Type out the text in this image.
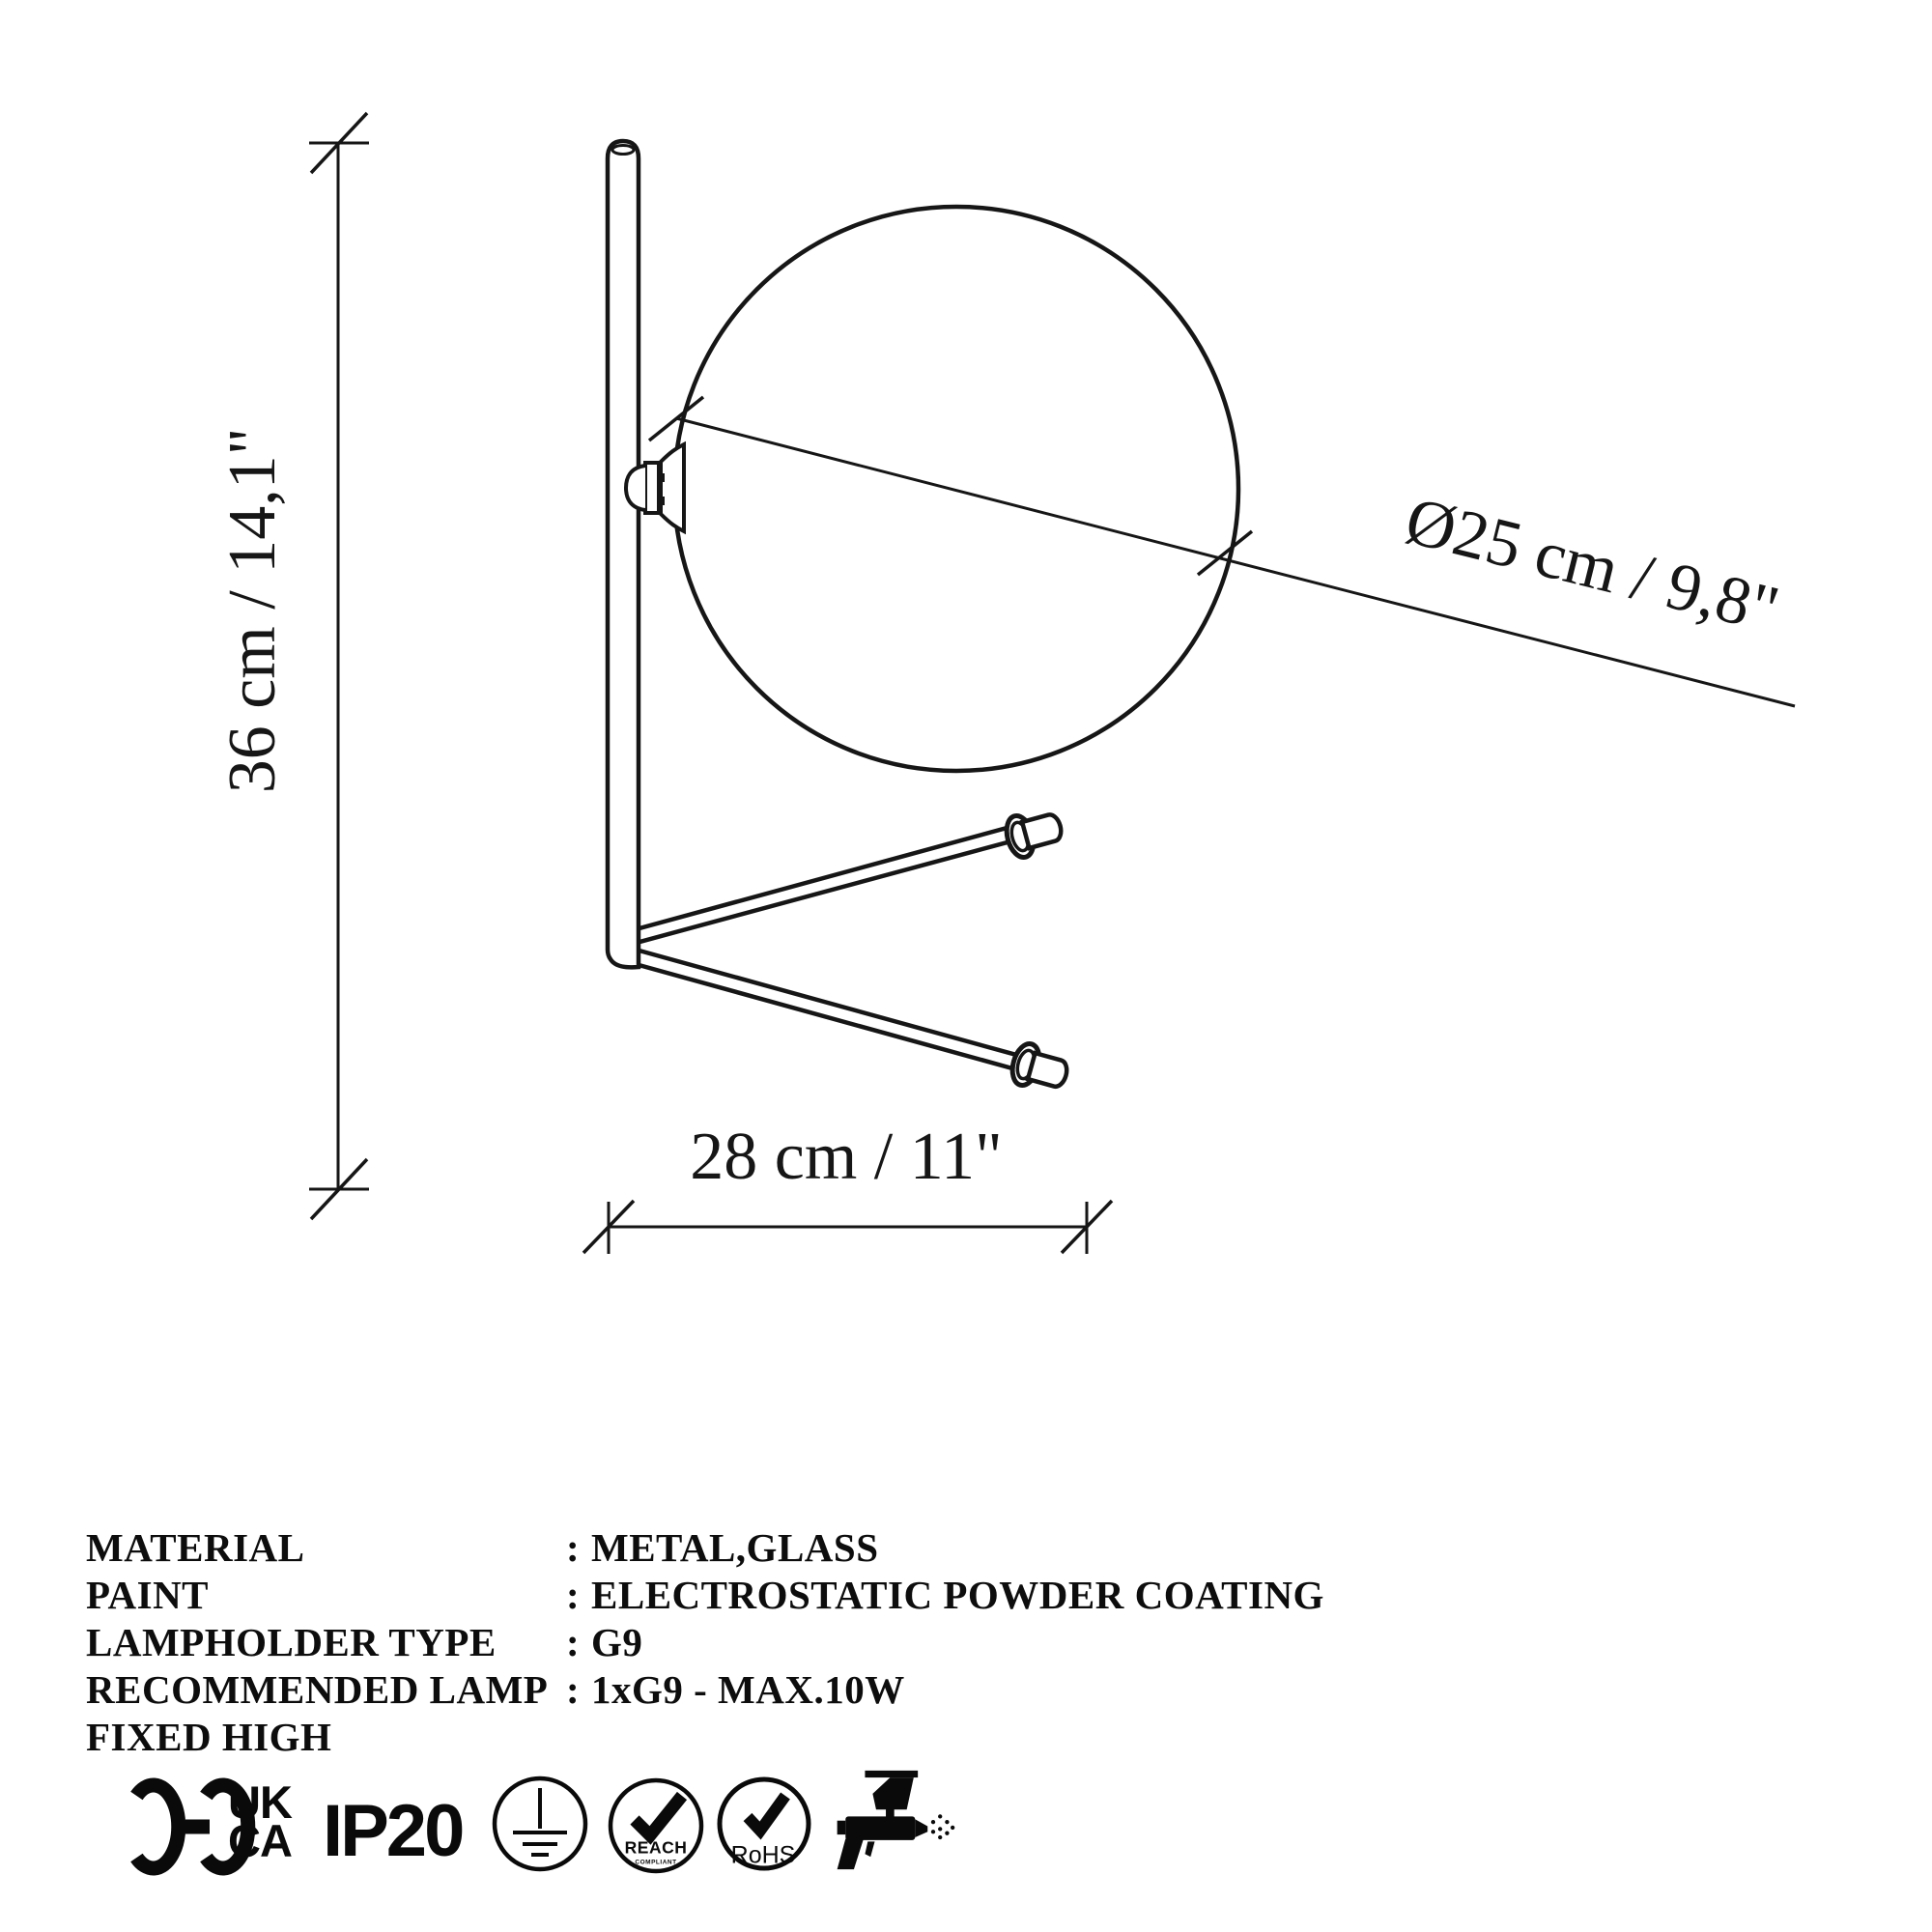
36 cm / 14,1"	Ø25 cm / 9,8"
28 cm / 11"
MATERIAL	: METAL,GLASS
PAINT	: ELECTROSTATIC POWDER COATING
LAMPHOLDER TYPE	: G9
RECOMMENDED LAMP : 1xG9 - MAX.10W
FIXED HIGH
UK
CA IP20	REACH
COMPLIANT RoHS
